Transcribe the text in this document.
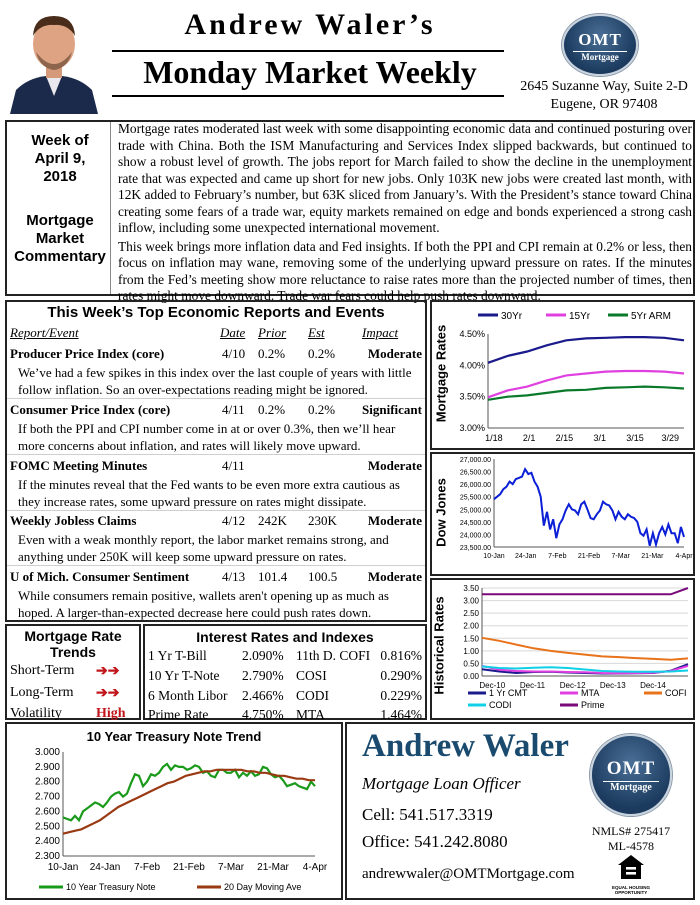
Andrew Waler’s
Monday Market Weekly
OMT
Mortgage
2645 Suzanne Way, Suite 2-D
Eugene, OR 97408
Week of
April 9,
2018
Mortgage
Market
Commentary

Mortgage rates moderated last week with some disappointing economic data and continued posturing over trade with China. Both the ISM Manufacturing and Services Index slipped backwards, but continued to show a robust level of growth. The jobs report for March failed to show the decline in the unemployment rate that was expected and came up short for new jobs. Only 103K new jobs were created last month, with 12K added to February’s number, but 63K sliced from January’s. With the President’s stance toward China creating some fears of a trade war, equity markets remained on edge and bonds experienced a strong cash inflow, including some unexpected international movement.

This week brings more inflation data and Fed insights. If both the PPI and CPI remain at 0.2% or less, then focus on inflation may wane, removing some of the underlying upward pressure on rates. If the minutes from the Fed’s meeting show more reluctance to raise rates more than the projected number of times, then rates might move downward. Trade war fears could help push rates downward.

This Week’s Top Economic Reports and Events
Report/Event	Date Prior Est	Impact
Producer Price Index (core)	4/10 0.2% 0.2%	Moderate
We’ve had a few spikes in this index over the last couple of years with little follow inflation. So an over-expectations reading might be ignored.
Consumer Price Index (core)	4/11 0.2% 0.2% Significant
If both the PPI and CPI number come in at or over 0.3%, then we’ll hear more concerns about inflation, and rates will likely move upward.
FOMC Meeting Minutes	4/11	Moderate
If the minutes reveal that the Fed wants to be even more extra cautious as they increase rates, some upward pressure on rates might dissipate.
Weekly Jobless Claims	4/12 242K 230K Moderate
Even with a weak monthly report, the labor market remains strong, and anything under 250K will keep some upward pressure on rates.
U of Mich. Consumer Sentiment	4/13 101.4 100.5 Moderate
While consumers remain positive, wallets aren't opening up as much as hoped. A larger-than-expected decrease here could push rates down.
Mortgage Rates 4.50%
4.00%
3.50%
3.00%
1/18 2/1 2/15 3/1 3/15 3/29
30Yr	15Yr	5Yr ARM
Dow Jones
27,000.00
26,500.00
26,000.00
25,500.00
25,000.00
24,500.00
24,000.00
23,500.00
10-Jan 24-Jan 7-Feb 21-Feb 7-Mar 21-Mar 4-Apr
Historical Rates
3.50
3.00
2.50
2.00
1.50
1.00
0.50
0.00
Dec-10 Dec-11 Dec-12 Dec-13 Dec-14
1 Yr CMT	MTA	COFI
CODI	Prime
Mortgage Rate
Trends
Short-Term ➔➔
Long-Term ➔➔
Volatility High
Interest Rates and Indexes
1 Yr T-Bill	2.090% 11th D. COFI 0.816%
10 Yr T-Note 2.790% COSI	0.290%
6 Month Libor 2.466% CODI	0.229%
Prime Rate 4.750% MTA	1.464%
3.000
2.900
2.800
2.700
2.600
2.500
2.400
2.300
10-Jan 24-Jan 7-Feb 21-Feb 7-Mar 21-Mar 4-Apr
10 Year Treasury Note Trend
10 Year Treasury Note	20 Day Moving Ave
Andrew Waler
Mortgage Loan Officer
Cell: 541.517.3319
Office: 541.242.8080
andrewwaler@OMTMortgage.com
OMT
Mortgage
NMLS# 275417
ML-4578
EQUAL HOUSING
OPPORTUNITY
